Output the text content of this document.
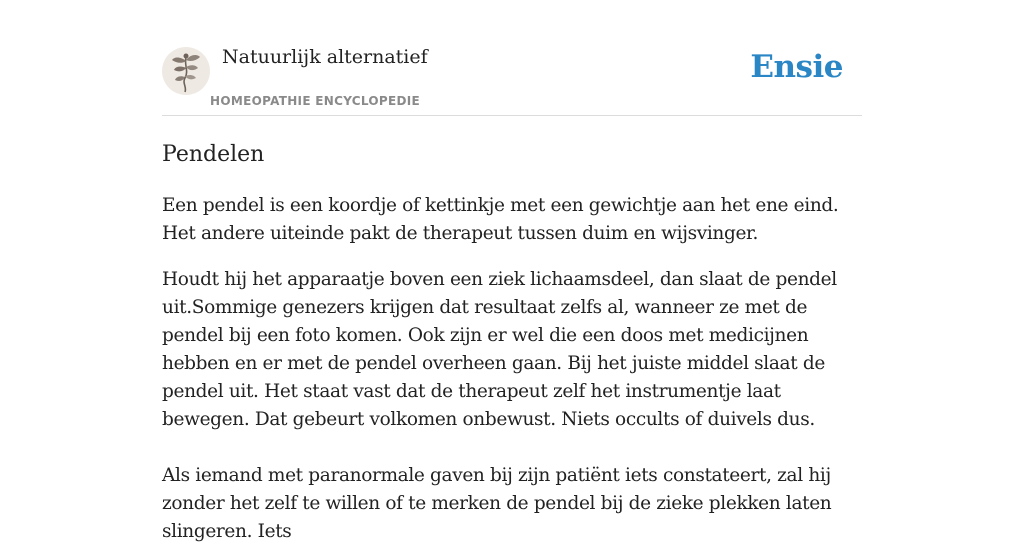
Natuurlijk alternatief
HOMEOPATHIE ENCYCLOPEDIE
Ensie
Pendelen

Een pendel is een koordje of kettinkje met een gewichtje aan het ene eind. Het andere uiteinde pakt de therapeut tussen duim en wijsvinger.

Houdt hij het apparaatje boven een ziek lichaamsdeel, dan slaat de pendel uit.Sommige genezers krijgen dat resultaat zelfs al, wanneer ze met de pendel bij een foto komen. Ook zijn er wel die een doos met medicijnen hebben en er met de pendel overheen gaan. Bij het juiste middel slaat de pendel uit. Het staat vast dat de therapeut zelf het instrumentje laat bewegen. Dat gebeurt volkomen onbewust. Niets occults of duivels dus.

Als iemand met paranormale gaven bij zijn patiënt iets constateert, zal hij zonder het zelf te willen of te merken de pendel bij de zieke plekken laten slingeren. Iets
